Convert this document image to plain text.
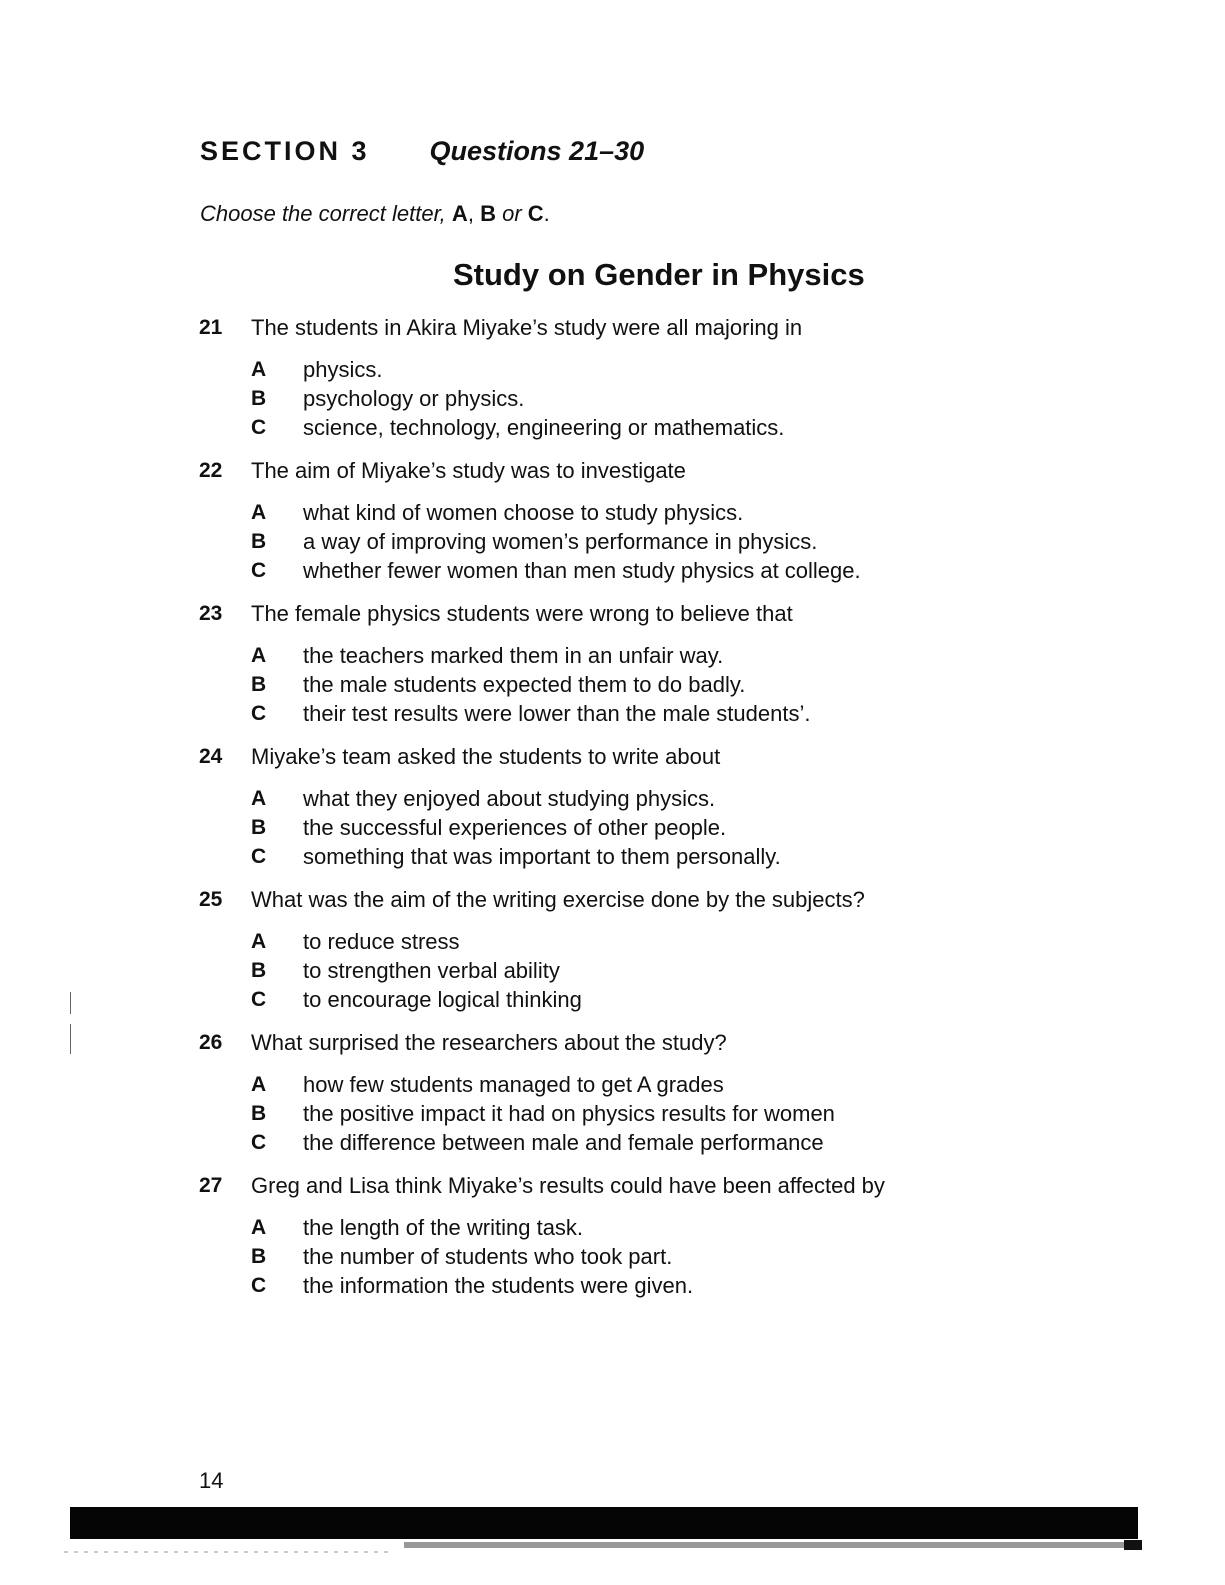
SECTION 3 Questions 21–30
Choose the correct letter, A, B or C.
Study on Gender in Physics
21	The students in Akira Miyake’s study were all majoring in
A	physics.
B	psychology or physics.
C	science, technology, engineering or mathematics.
22	The aim of Miyake’s study was to investigate
A	what kind of women choose to study physics.
B	a way of improving women’s performance in physics.
C	whether fewer women than men study physics at college.
23	The female physics students were wrong to believe that
A	the teachers marked them in an unfair way.
B	the male students expected them to do badly.
C	their test results were lower than the male students’.
24	Miyake’s team asked the students to write about
A	what they enjoyed about studying physics.
B	the successful experiences of other people.
C	something that was important to them personally.
25	What was the aim of the writing exercise done by the subjects?
A	to reduce stress
B	to strengthen verbal ability
C	to encourage logical thinking
26	What surprised the researchers about the study?
A	how few students managed to get A grades
B	the positive impact it had on physics results for women
C	the difference between male and female performance
27	Greg and Lisa think Miyake’s results could have been affected by
A	the length of the writing task.
B	the number of students who took part.
C	the information the students were given.
14
